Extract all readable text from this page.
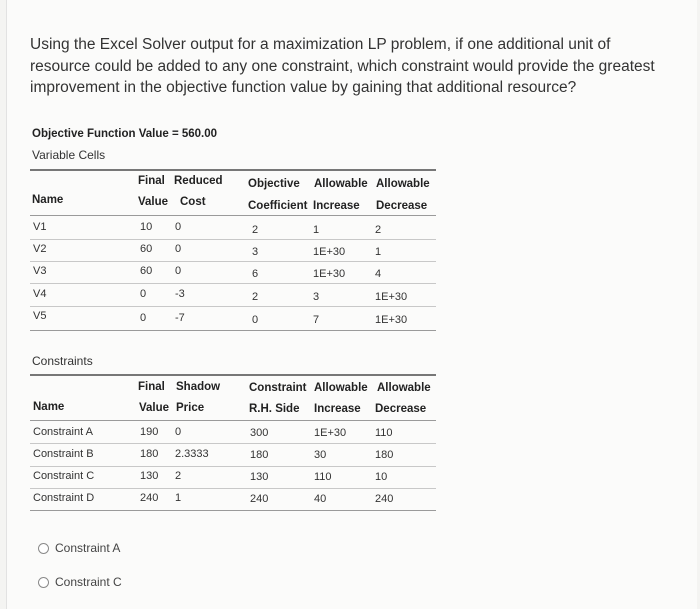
Using the Excel Solver output for a maximization LP problem, if one additional unit of resource could be added to any one constraint, which constraint would provide the greatest improvement in the objective function value by gaining that additional resource?
Objective Function Value = 560.00
Variable Cells
Final Reduced Objective Allowable Allowable
Name	Value Cost	Coefficient Increase Decrease
V1	10 0	2	1	2
V2	60 0	3	1E+30	1
V3	60 0	6	1E+30	4
V4	0	-3	2	3	1E+30
V5	0	-7	0	7	1E+30
Constraints
Final Shadow	Constraint Allowable Allowable
Name	Value Price	R.H. Side Increase Decrease
Constraint A	190 0	300	1E+30	110
Constraint B	180 2.3333	180	30	180
Constraint C	130 2	130	110	10
Constraint D	240 1	240	40	240
Constraint A
Constraint C
